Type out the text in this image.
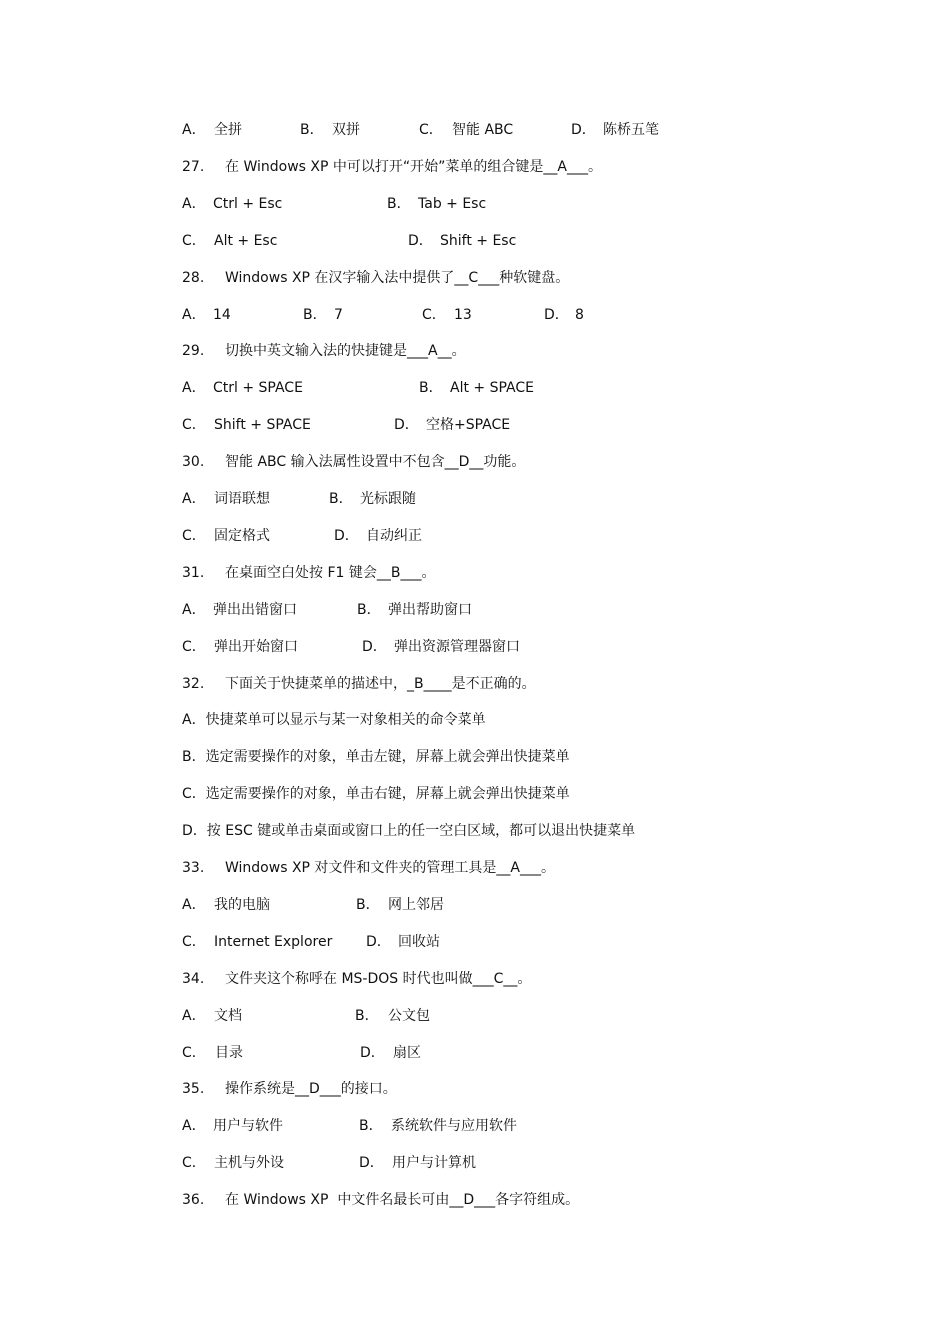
A． 全拼	B． 双拼	C． 智能 ABC	D． 陈桥五笔
27. 在 Windows XP 中可以打开“开始”菜单的组合键是__A___。
A． Ctrl + Esc	B． Tab + Esc
C． Alt + Esc	D． Shift + Esc
28. Windows XP 在汉字输入法中提供了__C___种软键盘。
A． 14	B． 7	C． 13	D． 8
29. 切换中英文输入法的快捷键是___A__。
A． Ctrl + SPACE	B． Alt + SPACE
C． Shift + SPACE	D． 空格+SPACE
30. 智能 ABC 输入法属性设置中不包含__D__功能。
A． 词语联想	B． 光标跟随
C． 固定格式	D． 自动纠正
31. 在桌面空白处按 F1 键会__B___。
A． 弹出出错窗口	B． 弹出帮助窗口
C． 弹出开始窗口	D． 弹出资源管理器窗口
32. 下面关于快捷菜单的描述中，_B____是不正确的。
A．快捷菜单可以显示与某一对象相关的命令菜单
B．选定需要操作的对象，单击左键，屏幕上就会弹出快捷菜单
C．选定需要操作的对象，单击右键，屏幕上就会弹出快捷菜单
D．按 ESC 键或单击桌面或窗口上的任一空白区域，都可以退出快捷菜单
33. Windows XP 对文件和文件夹的管理工具是__A___。
A． 我的电脑	B． 网上邻居
C． Internet Explorer D． 回收站
34. 文件夹这个称呼在 MS-DOS 时代也叫做___C__。
A． 文档	B． 公文包
C． 目录	D． 扇区
35. 操作系统是__D___的接口。
A． 用户与软件	B． 系统软件与应用软件
C． 主机与外设	D． 用户与计算机
36. 在 Windows XP  中文件名最长可由__D___各字符组成。
